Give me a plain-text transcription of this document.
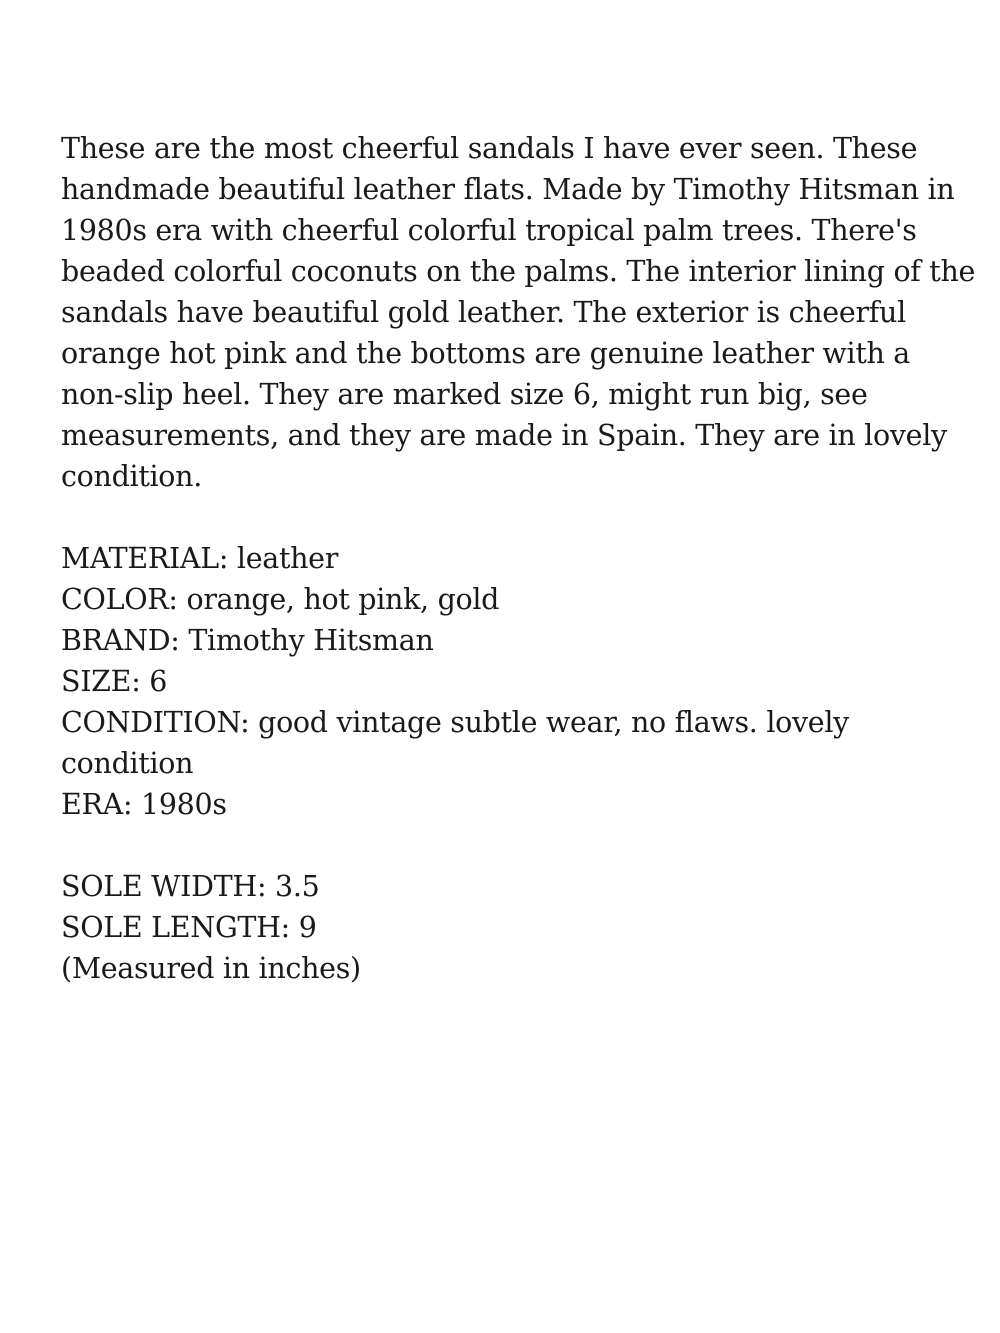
These are the most cheerful sandals I have ever seen. These
handmade beautiful leather flats. Made by Timothy Hitsman in
1980s era with cheerful colorful tropical palm trees. There's
beaded colorful coconuts on the palms. The interior lining of the
sandals have beautiful gold leather. The exterior is cheerful
orange hot pink and the bottoms are genuine leather with a
non-slip heel. They are marked size 6, might run big, see
measurements, and they are made in Spain. They are in lovely
condition.

MATERIAL: leather
COLOR: orange, hot pink, gold
BRAND: Timothy Hitsman
SIZE: 6
CONDITION: good vintage subtle wear, no flaws. lovely
condition
ERA: 1980s

SOLE WIDTH: 3.5
SOLE LENGTH: 9
(Measured in inches)
